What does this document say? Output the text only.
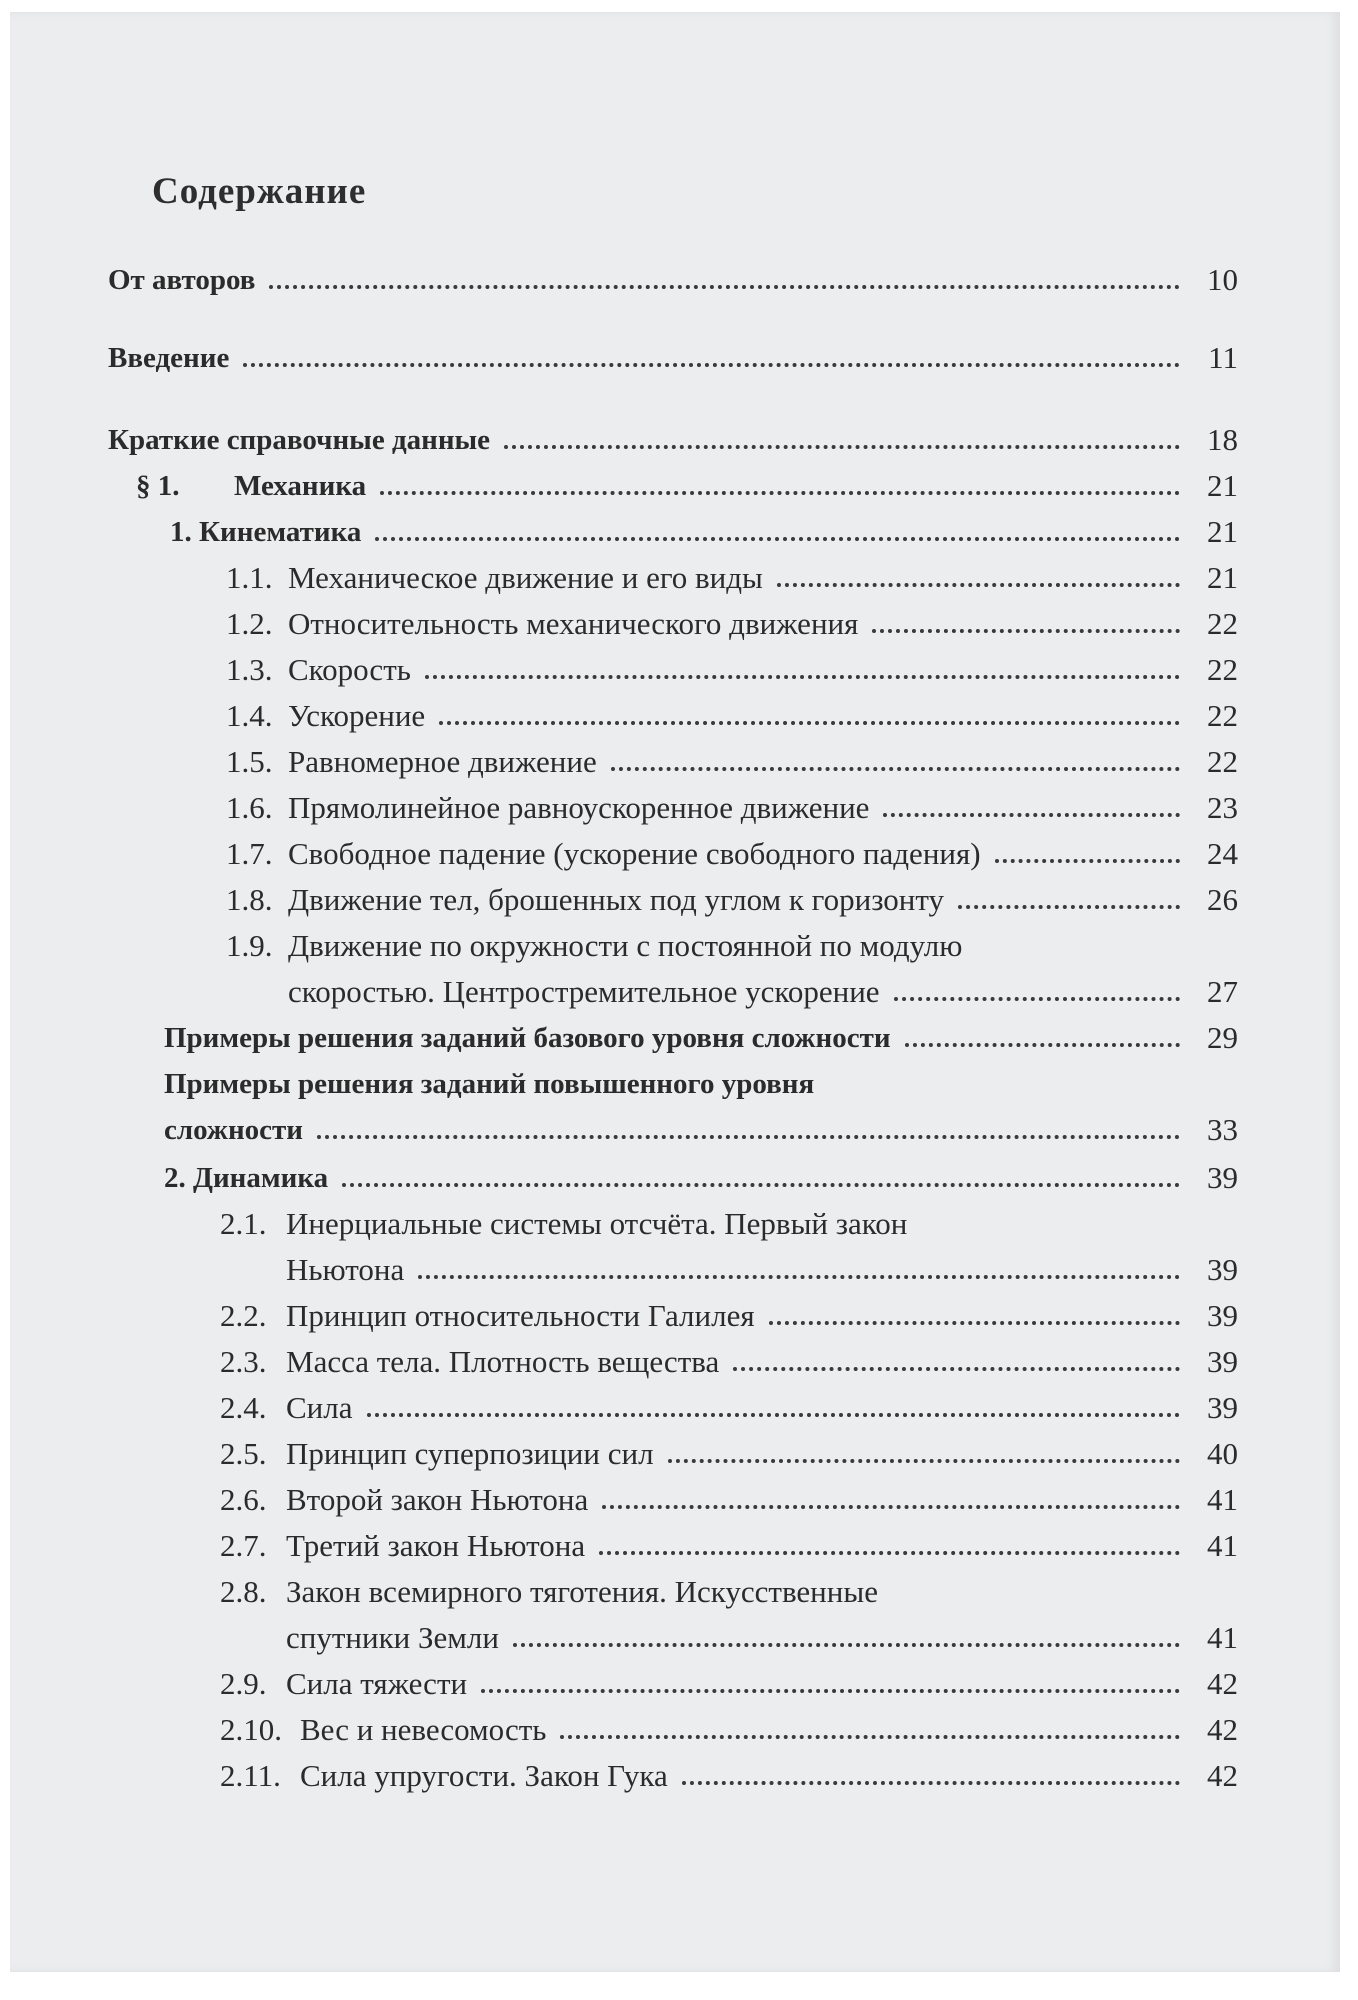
Содержание
От авторов	10
Введение	11
Краткие справочные данные	18
§ 1.	Механика	21
1. Кинематика	21
1.1. Механическое движение и его виды	21
1.2. Относительность механического движения	22
1.3. Скорость	22
1.4. Ускорение	22
1.5. Равномерное движение	22
1.6. Прямолинейное равноускоренное движение	23
1.7. Свободное падение (ускорение свободного падения)	24
1.8. Движение тел, брошенных под углом к горизонту	26
1.9. Движение по окружности с постоянной по модулю
скоростью. Центростремительное ускорение	27
Примеры решения заданий базового уровня сложности	29
Примеры решения заданий повышенного уровня
сложности	33
2. Динамика	39
2.1. Инерциальные системы отсчёта. Первый закон
Ньютона	39
2.2. Принцип относительности Галилея	39
2.3. Масса тела. Плотность вещества	39
2.4. Сила	39
2.5. Принцип суперпозиции сил	40
2.6. Второй закон Ньютона	41
2.7. Третий закон Ньютона	41
2.8. Закон всемирного тяготения. Искусственные
спутники Земли	41
2.9. Сила тяжести	42
2.10. Вес и невесомость	42
2.11. Сила упругости. Закон Гука	42
